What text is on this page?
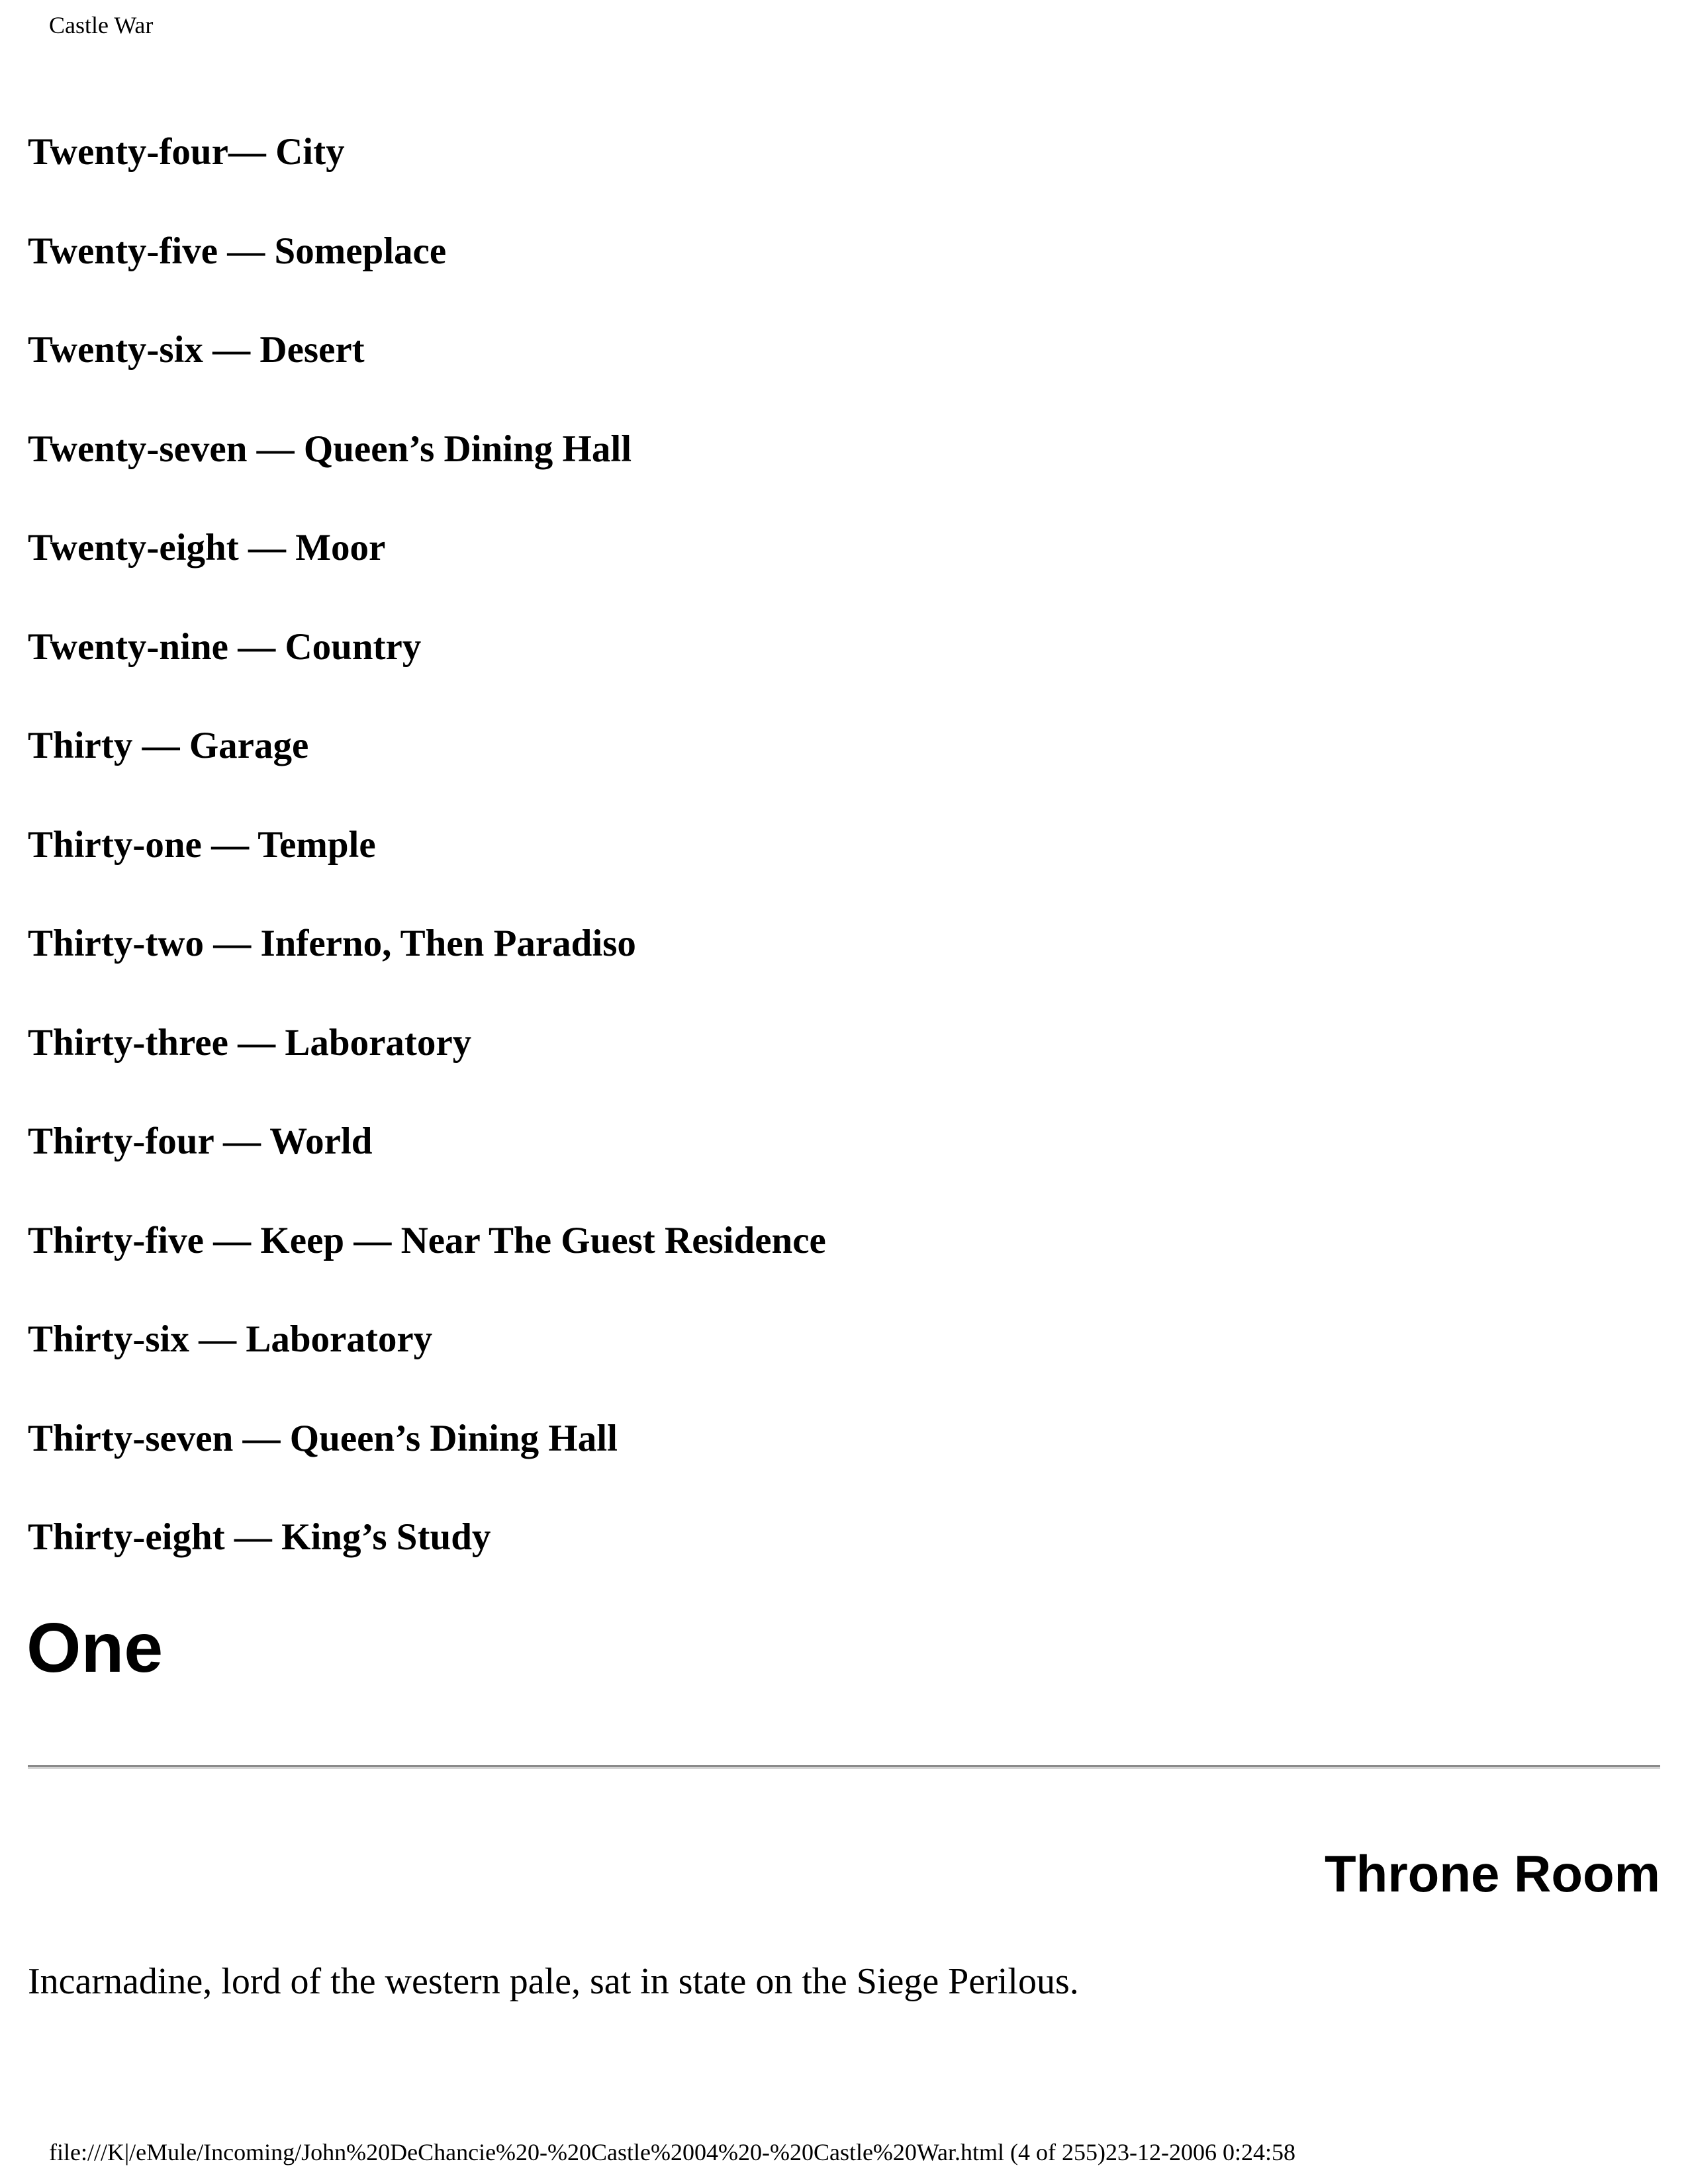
Castle War
Twenty-four— City
Twenty-five — Someplace
Twenty-six — Desert
Twenty-seven — Queen’s Dining Hall
Twenty-eight — Moor
Twenty-nine — Country
Thirty — Garage
Thirty-one — Temple
Thirty-two — Inferno, Then Paradiso
Thirty-three — Laboratory
Thirty-four — World
Thirty-five — Keep — Near The Guest Residence
Thirty-six — Laboratory
Thirty-seven — Queen’s Dining Hall
Thirty-eight — King’s Study
One
Throne Room
Incarnadine, lord of the western pale, sat in state on the Siege Perilous.
file:///K|/eMule/Incoming/John%20DeChancie%20-%20Castle%2004%20-%20Castle%20War.html (4 of 255)23-12-2006 0:24:58
